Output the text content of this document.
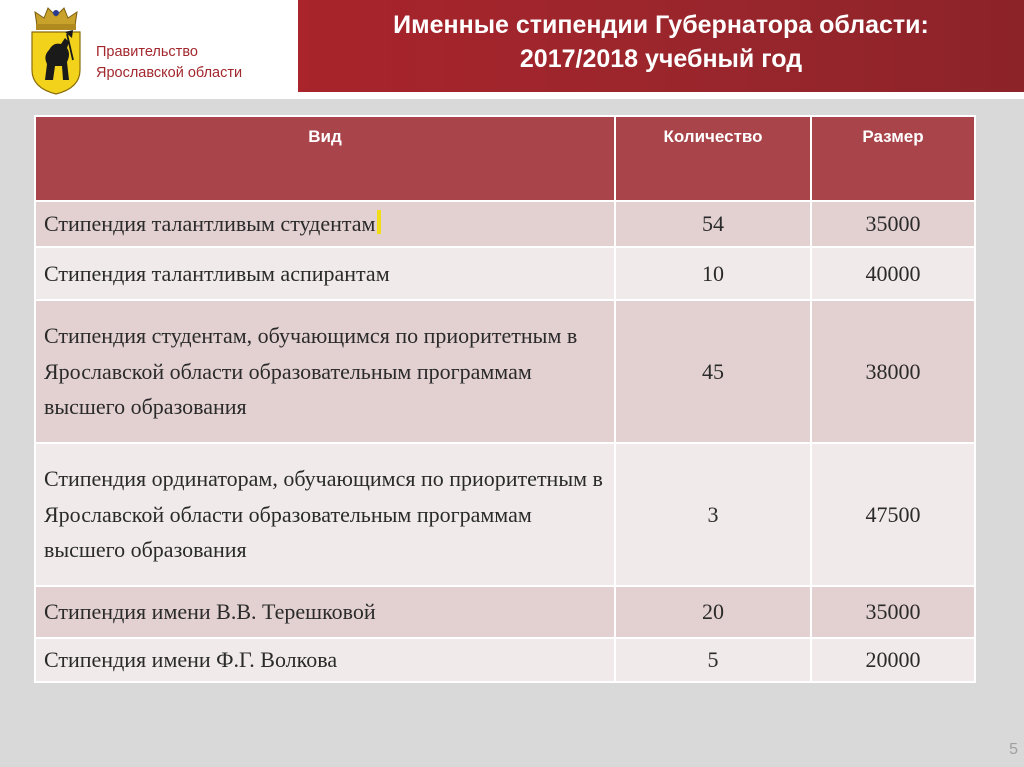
Правительство
Ярославской области
Именные стипендии Губернатора области:
2017/2018 учебный год
Вид	Количество	Размер
Стипендия талантливым студентам	54	35000
Стипендия талантливым аспирантам	10	40000
Стипендия студентам, обучающимся по приоритетным в Ярославской области образовательным программам высшего образования	45	38000
Стипендия ординаторам, обучающимся по приоритетным в Ярославской области образовательным программам высшего образования	3	47500
Стипендия имени В.В. Терешковой	20	35000
Стипендия имени Ф.Г. Волкова	5	20000
5
